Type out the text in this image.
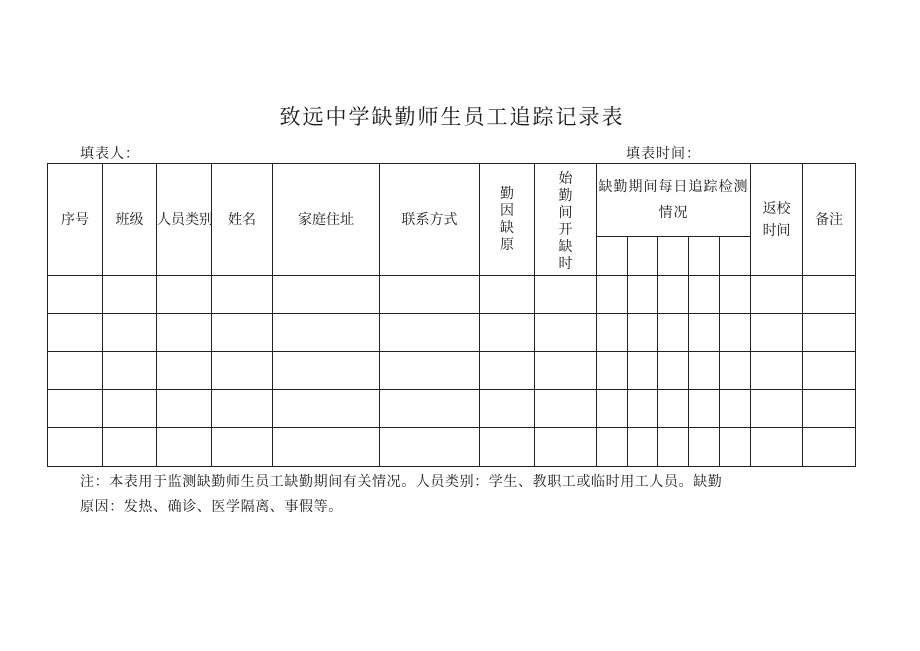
致远中学缺勤师生员工追踪记录表
填表人：	填表时间：
序号	班级	人员类别	姓名	家庭住址	联系方式	勤因缺原	始勤间开缺时	缺勤期间每日追踪检测情况					返校时间	备注

注：本表用于监测缺勤师生员工缺勤期间有关情况。人员类别：学生、教职工或临时用工人员。缺勤
原因：发热、确诊、医学隔离、事假等。
